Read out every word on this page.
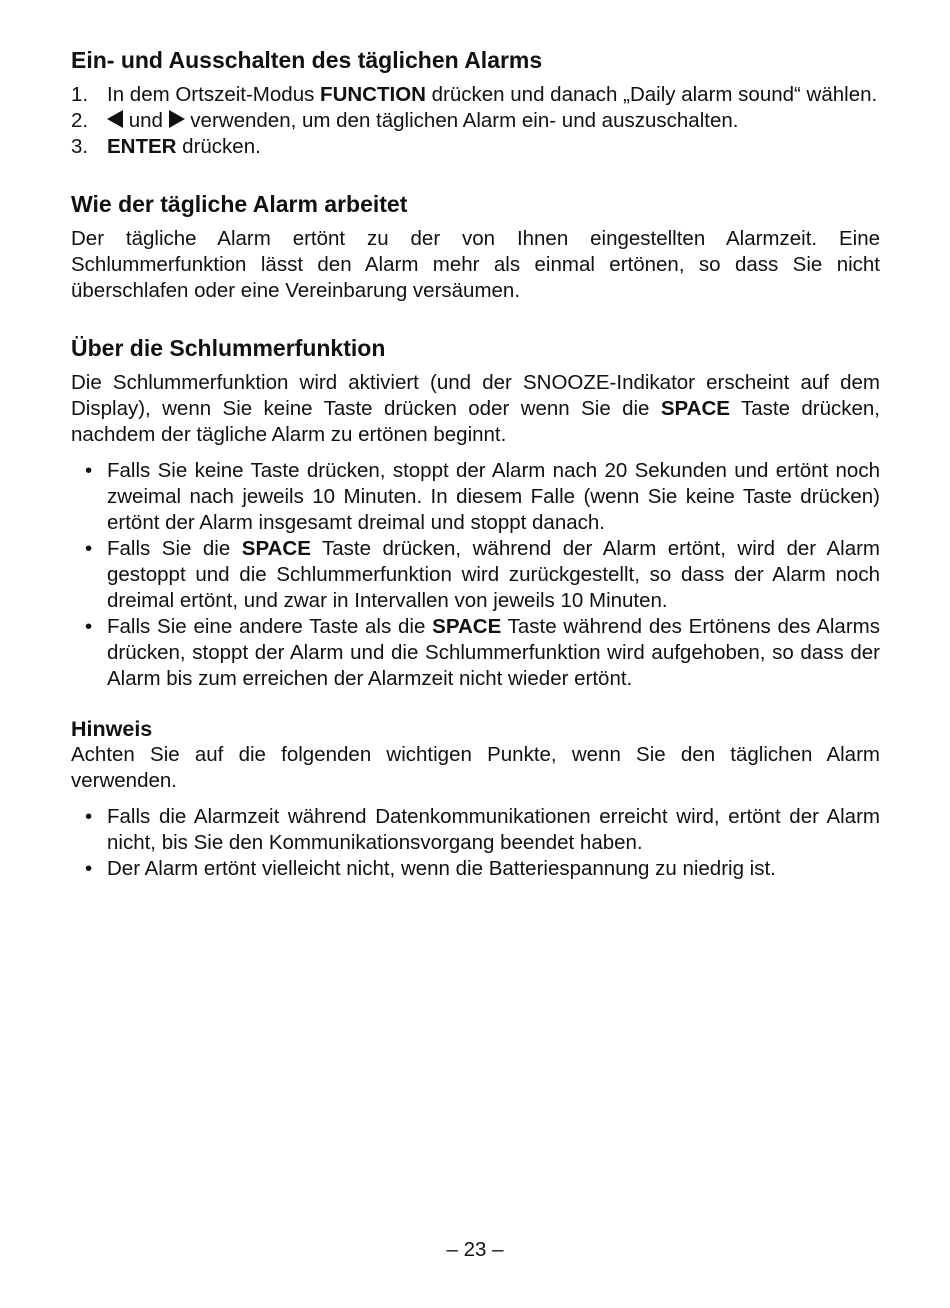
Ein- und Ausschalten des täglichen Alarms
1. In dem Ortszeit-Modus FUNCTION drücken und danach „Daily alarm sound“ wählen.
2. und  verwenden, um den täglichen Alarm ein- und auszuschalten.
3. ENTER drücken.
Wie der tägliche Alarm arbeitet

Der tägliche Alarm ertönt zu der von Ihnen eingestellten Alarmzeit. Eine Schlummerfunktion lässt den Alarm mehr als einmal ertönen, so dass Sie nicht überschlafen oder eine Vereinbarung versäumen.

Über die Schlummerfunktion

Die Schlummerfunktion wird aktiviert (und der SNOOZE-Indikator erscheint auf dem Display), wenn Sie keine Taste drücken oder wenn Sie die SPACE Taste drücken, nachdem der tägliche Alarm zu ertönen beginnt.

• Falls Sie keine Taste drücken, stoppt der Alarm nach 20 Sekunden und ertönt noch zweimal nach jeweils 10 Minuten. In diesem Falle (wenn Sie keine Taste drücken) ertönt der Alarm insgesamt dreimal und stoppt danach.
• Falls Sie die SPACE Taste drücken, während der Alarm ertönt, wird der Alarm gestoppt und die Schlummerfunktion wird zurückgestellt, so dass der Alarm noch dreimal ertönt, und zwar in Intervallen von jeweils 10 Minuten.
• Falls Sie eine andere Taste als die SPACE Taste während des Ertönens des Alarms drücken, stoppt der Alarm und die Schlummerfunktion wird aufgehoben, so dass der Alarm bis zum erreichen der Alarmzeit nicht wieder ertönt.
Hinweis

Achten Sie auf die folgenden wichtigen Punkte, wenn Sie den täglichen Alarm verwenden.

• Falls die Alarmzeit während Datenkommunikationen erreicht wird, ertönt der Alarm nicht, bis Sie den Kommunikationsvorgang beendet haben.
• Der Alarm ertönt vielleicht nicht, wenn die Batteriespannung zu niedrig ist.
– 23 –
